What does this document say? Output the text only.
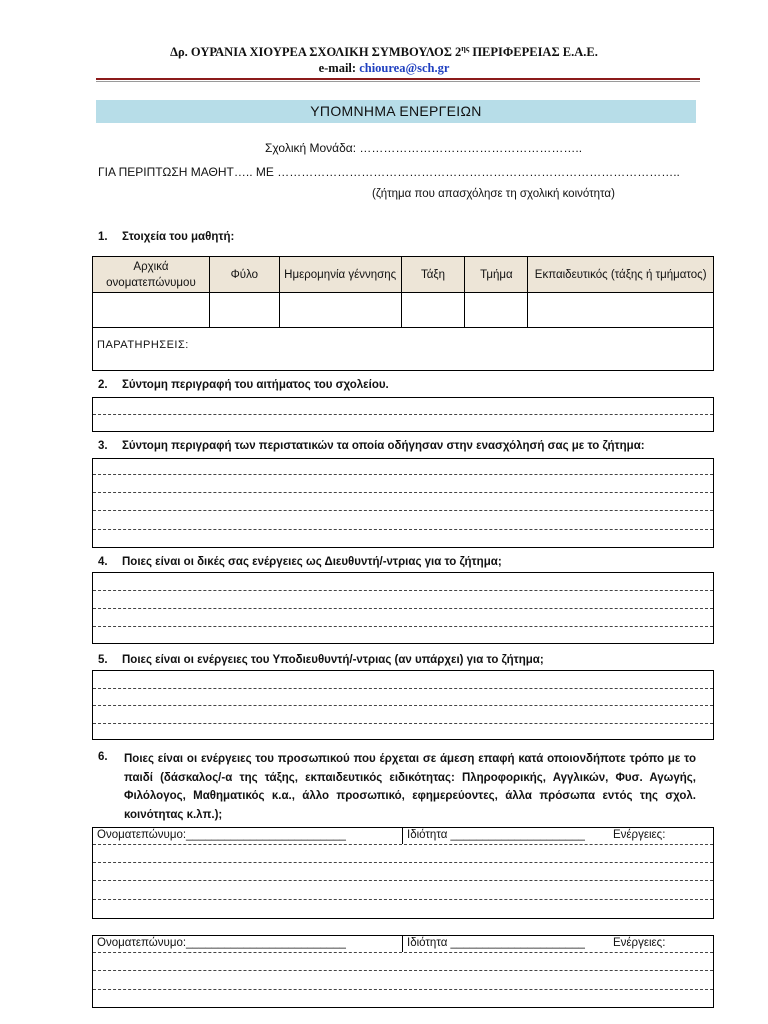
Δρ. ΟΥΡΑΝΙΑ ΧΙΟΥΡΕΑ ΣΧΟΛΙΚΗ ΣΥΜΒΟΥΛΟΣ $2^{\eta\varsigma}$ ΠΕΡΙΦΕΡΕΙΑΣ Ε.Α.Ε.
e-mail: chiourea@sch.gr
ΥΠΟΜΝΗΜΑ ΕΝΕΡΓΕΙΩΝ
Σχολική Μονάδα: ………………………………………………..
ΓΙΑ ΠΕΡΙΠΤΩΣΗ ΜΑΘΗΤ….. ΜΕ ………………………………………………………………………………………..
(ζήτημα που απασχόλησε τη σχολική κοινότητα)
1. Στοιχεία του μαθητή:
Αρχικά ονοματεπώνυμου	Φύλο	Ημερομηνία γέννησης	Τάξη	Τμήμα	Εκπαιδευτικός (τάξης ή τμήματος)

ΠΑΡΑΤΗΡΗΣΕΙΣ:					
2. Σύντομη περιγραφή του αιτήματος του σχολείου.
3. Σύντομη περιγραφή των περιστατικών τα οποία οδήγησαν στην ενασχόλησή σας με το ζήτημα:
4. Ποιες είναι οι δικές σας ενέργειες ως Διευθυντή/-ντριας για το ζήτημα;
5. Ποιες είναι οι ενέργειες του Υποδιευθυντή/-ντριας (αν υπάρχει) για το ζήτημα;
6.	Ποιες είναι οι ενέργειες του προσωπικού που έρχεται σε άμεση επαφή κατά οποιονδήποτε τρόπο με το παιδί (δάσκαλος/-α της τάξης, εκπαιδευτικός ειδικότητας: Πληροφορικής, Αγγλικών, Φυσ. Αγωγής, Φιλόλογος, Μαθηματικός κ.α., άλλο προσωπικό, εφημερεύοντες, άλλα πρόσωπα εντός της σχολ. κοινότητας κ.λπ.);
Ονοματεπώνυμο:_________________________	Ιδιότητα _____________________ Ενέργειες:
Ονοματεπώνυμο:_________________________	Ιδιότητα _____________________ Ενέργειες:
